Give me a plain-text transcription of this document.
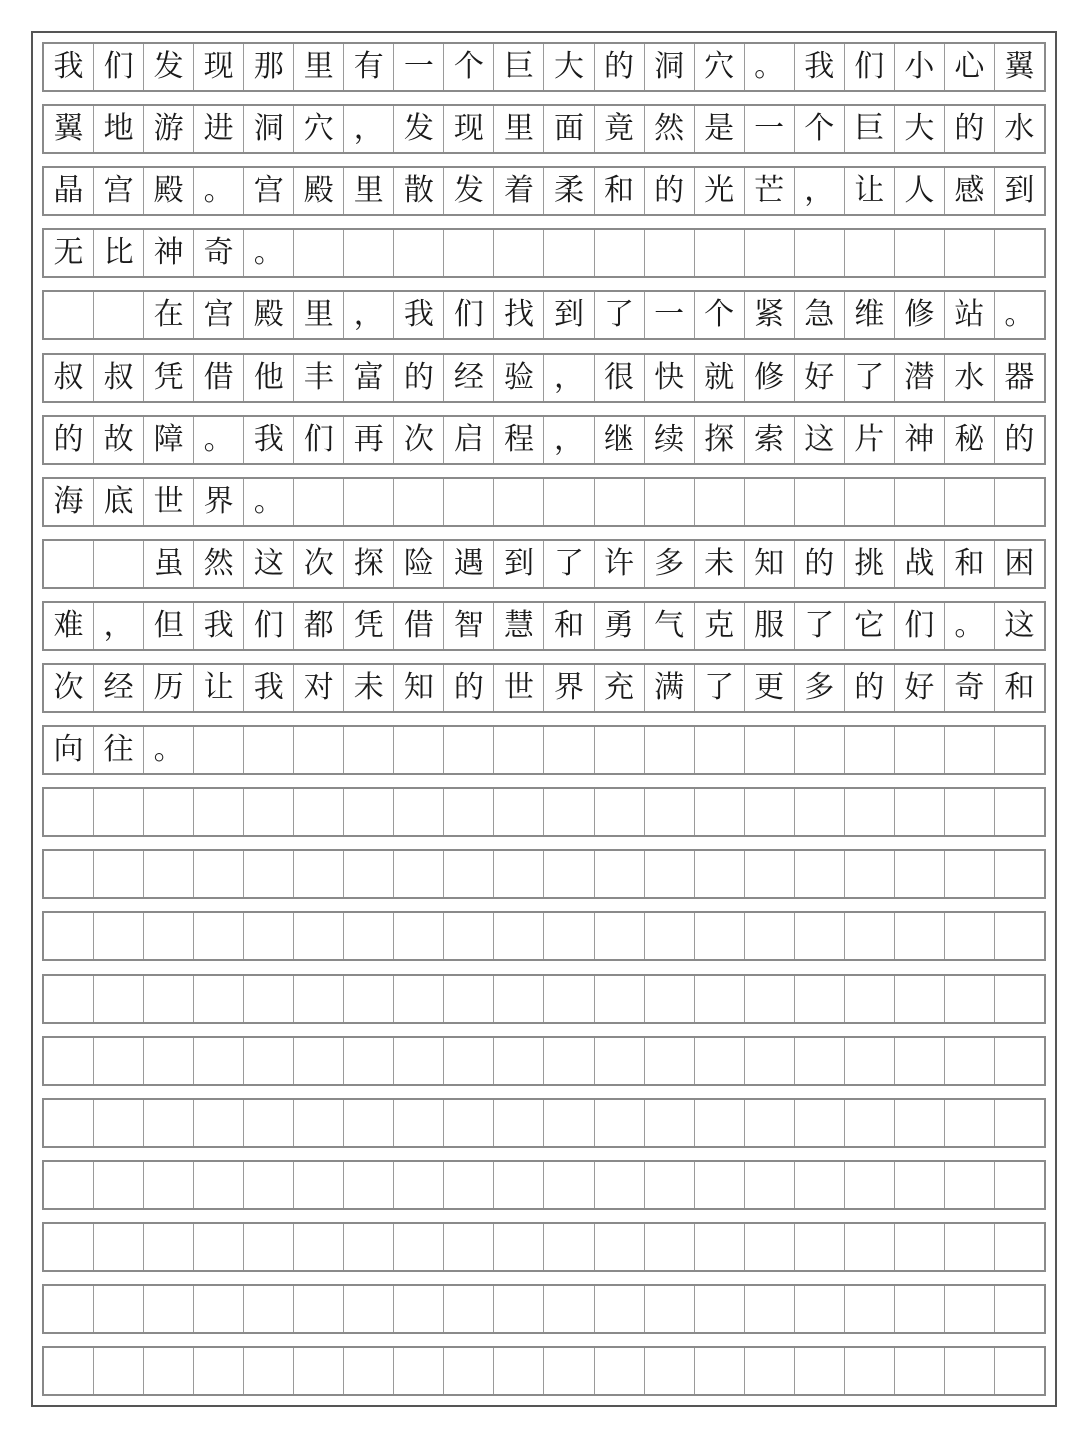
我 们 发 现 那 里 有 一 个 巨 大 的 洞 穴 。 我 们 小 心 翼
翼 地 游 进 洞 穴 ， 发 现 里 面 竟 然 是 一 个 巨 大 的 水
晶 宫 殿 。 宫 殿 里 散 发 着 柔 和 的 光 芒 ， 让 人 感 到
无 比 神 奇 。
在 宫 殿 里 ， 我 们 找 到 了 一 个 紧 急 维 修 站 。
叔 叔 凭 借 他 丰 富 的 经 验 ， 很 快 就 修 好 了 潜 水 器
的 故 障 。 我 们 再 次 启 程 ， 继 续 探 索 这 片 神 秘 的
海 底 世 界 。
虽 然 这 次 探 险 遇 到 了 许 多 未 知 的 挑 战 和 困
难 ， 但 我 们 都 凭 借 智 慧 和 勇 气 克 服 了 它 们 。 这
次 经 历 让 我 对 未 知 的 世 界 充 满 了 更 多 的 好 奇 和
向 往 。
